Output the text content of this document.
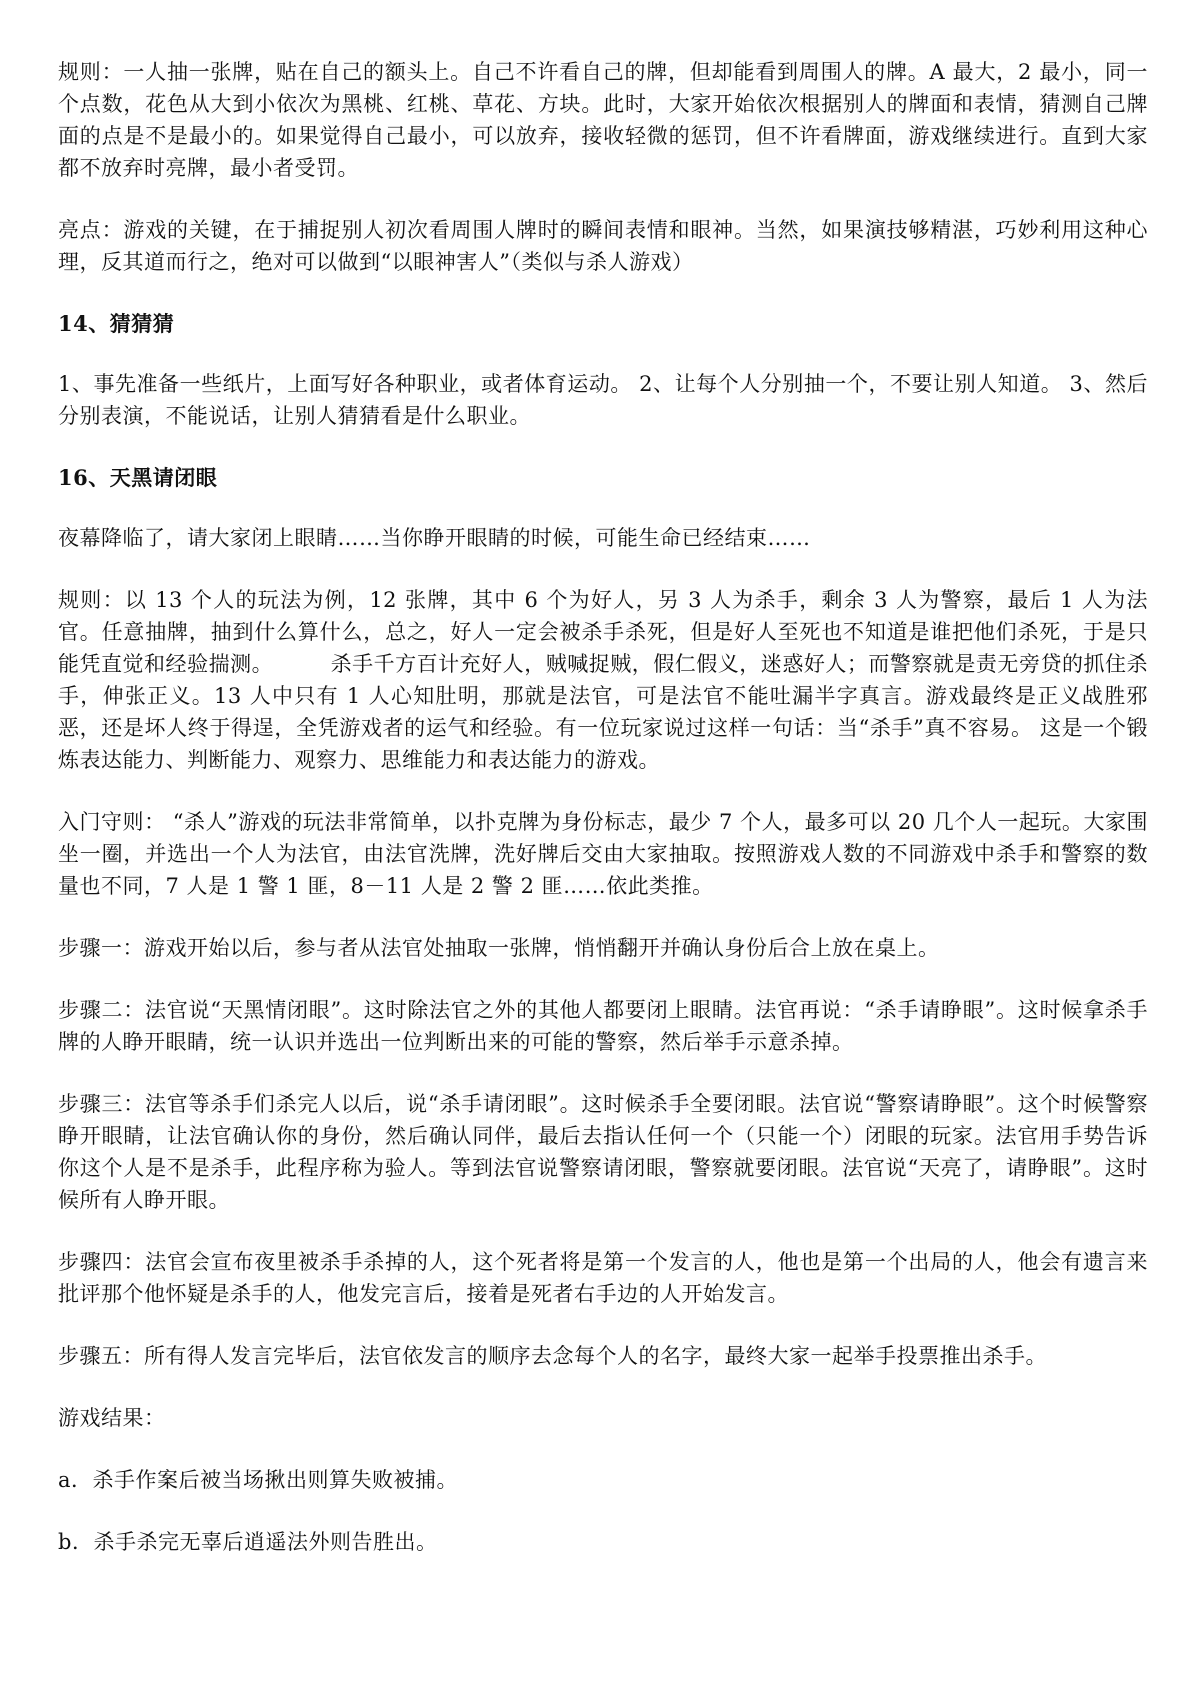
规则：一人抽一张牌，贴在自己的额头上。自己不许看自己的牌，但却能看到周围人的牌。A 最大，2 最小，同一个点数，花色从大到小依次为黑桃、红桃、草花、方块。此时，大家开始依次根据别人的牌面和表情，猜测自己牌面的点是不是最小的。如果觉得自己最小，可以放弃，接收轻微的惩罚，但不许看牌面，游戏继续进行。直到大家都不放弃时亮牌，最小者受罚。

亮点：游戏的关键，在于捕捉别人初次看周围人牌时的瞬间表情和眼神。当然，如果演技够精湛，巧妙利用这种心理，反其道而行之，绝对可以做到“以眼神害人”（类似与杀人游戏）

14、猜猜猜

1、事先准备一些纸片，上面写好各种职业，或者体育运动。 2、让每个人分别抽一个，不要让别人知道。 3、然后分别表演，不能说话，让别人猜猜看是什么职业。

16、天黑请闭眼

夜幕降临了，请大家闭上眼睛……当你睁开眼睛的时候，可能生命已经结束……

规则：以 13 个人的玩法为例，12 张牌，其中 6 个为好人，另 3 人为杀手，剩余 3 人为警察，最后 1 人为法官。任意抽牌，抽到什么算什么，总之，好人一定会被杀手杀死，但是好人至死也不知道是谁把他们杀死，于是只能凭直觉和经验揣测。        杀手千方百计充好人，贼喊捉贼，假仁假义，迷惑好人；而警察就是责无旁贷的抓住杀手，伸张正义。13 人中只有 1 人心知肚明，那就是法官，可是法官不能吐漏半字真言。游戏最终是正义战胜邪恶，还是坏人终于得逞，全凭游戏者的运气和经验。有一位玩家说过这样一句话：当“杀手”真不容易。 这是一个锻炼表达能力、判断能力、观察力、思维能力和表达能力的游戏。

入门守则： “杀人”游戏的玩法非常简单，以扑克牌为身份标志，最少 7 个人，最多可以 20 几个人一起玩。大家围坐一圈，并选出一个人为法官，由法官洗牌，洗好牌后交由大家抽取。按照游戏人数的不同游戏中杀手和警察的数量也不同，7 人是 1 警 1 匪，8－11 人是 2 警 2 匪……依此类推。

步骤一：游戏开始以后，参与者从法官处抽取一张牌，悄悄翻开并确认身份后合上放在桌上。

步骤二：法官说“天黑情闭眼”。这时除法官之外的其他人都要闭上眼睛。法官再说：“杀手请睁眼”。这时候拿杀手牌的人睁开眼睛，统一认识并选出一位判断出来的可能的警察，然后举手示意杀掉。

步骤三：法官等杀手们杀完人以后，说“杀手请闭眼”。这时候杀手全要闭眼。法官说“警察请睁眼”。这个时候警察睁开眼睛，让法官确认你的身份，然后确认同伴，最后去指认任何一个（只能一个）闭眼的玩家。法官用手势告诉你这个人是不是杀手，此程序称为验人。等到法官说警察请闭眼，警察就要闭眼。法官说“天亮了，请睁眼”。这时候所有人睁开眼。

步骤四：法官会宣布夜里被杀手杀掉的人，这个死者将是第一个发言的人，他也是第一个出局的人，他会有遗言来批评那个他怀疑是杀手的人，他发完言后，接着是死者右手边的人开始发言。

步骤五：所有得人发言完毕后，法官依发言的顺序去念每个人的名字，最终大家一起举手投票推出杀手。

游戏结果：

a．杀手作案后被当场揪出则算失败被捕。

b．杀手杀完无辜后逍遥法外则告胜出。
